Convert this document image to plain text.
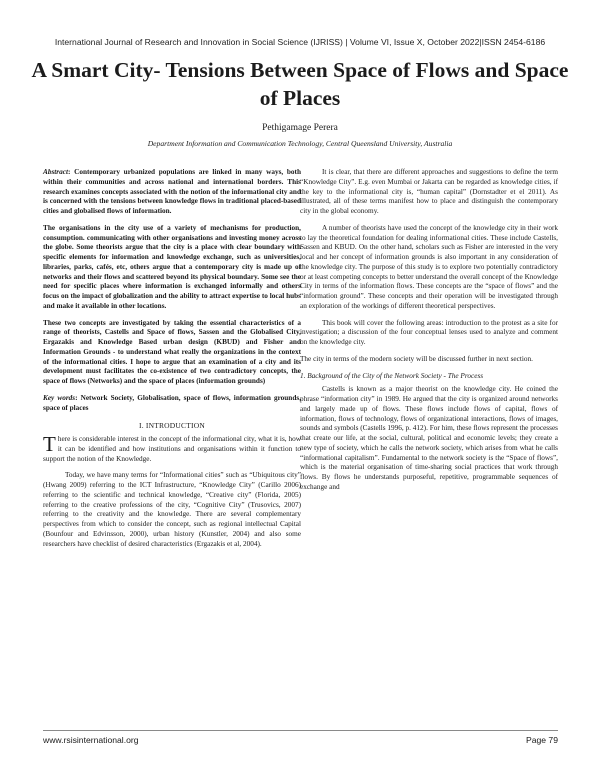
International Journal of Research and Innovation in Social Science (IJRISS) | Volume VI, Issue X, October 2022|ISSN 2454-6186
A Smart City- Tensions Between Space of Flows and Space of Places
Pethigamage Perera
Department Information and Communication Technology, Central Queensland University, Australia

Abstract: Contemporary urbanized populations are linked in many ways, both within their communities and across national and international borders. This research examines concepts associated with the notion of the informational city and is concerned with the tensions between knowledge flows in traditional placed-based cities and globalised flows of information.

The organisations in the city use of a variety of mechanisms for production, consumption. communicating with other organisations and investing money across the globe. Some theorists argue that the city is a place with clear boundary with specific elements for information and knowledge exchange, such as universities, libraries, parks, cafés, etc, others argue that a contemporary city is made up of networks and their flows and scattered beyond its physical boundary. Some see the need for specific places where information is exchanged informally and others focus on the impact of globalization and the ability to attract expertise to local hubs and make it available in other locations.

These two concepts are investigated by taking the essential characteristics of a range of theorists, Castells and Space of flows, Sassen and the Globalised City, Ergazakis and Knowledge Based urban design (KBUD) and Fisher and Information Grounds - to understand what really the organizations in the context of the informational cities. I hope to argue that an examination of a city and its development must facilitates the co-existence of two contradictory concepts, the space of flows (Networks) and the space of places (information grounds)

Key words: Network Society, Globalisation, space of flows, information grounds, space of places
I. INTRODUCTION

There is considerable interest in the concept of the informational city, what it is, how it can be identified and how institutions and organisations within it function to support the notion of the Knowledge.

Today, we have many terms for “Informational cities” such as “Ubiquitous city” (Hwang 2009) referring to the ICT Infrastructure, “Knowledge City” (Carillo 2006) referring to the scientific and technical knowledge, “Creative city” (Florida, 2005) referring to the creative professions of the city, “Cognitive City” (Trusovics, 2007) referring to the creativity and the knowledge. There are several complementary perspectives from which to consider the concept, such as regional intellectual Capital (Bounfour and Edvinsson, 2000), urban history (Kunstler, 2004) and also some researchers have checklist of desired characteristics (Ergazakis et al, 2004).

It is clear, that there are different approaches and suggestions to define the term “Knowledge City”. E.g. even Mumbai or Jakarta can be regarded as knowledge cities, if the key to the informational city is, “human capital” (Dornstadter et el 2011). As illustrated, all of these terms manifest how to place and distinguish the contemporary city in the global economy.

A number of theorists have used the concept of the knowledge city in their work to lay the theoretical foundation for dealing informational cities. These include Castells, Sassen and KBUD. On the other hand, scholars such as Fisher are interested in the very local and her concept of information grounds is also important in any consideration of the knowledge city. The purpose of this study is to explore two potentially contradictory or at least competing concepts to better understand the overall concept of the Knowledge City in terms of the information flows. These concepts are the “space of flows” and the “information ground”. These concepts and their operation will be investigated through an exploration of the workings of different theoretical perspectives.

This book will cover the following areas: introduction to the protest as a site for investigation; a discussion of the four conceptual lenses used to analyze and comment on the knowledge city.

The city in terms of the modern society will be discussed further in next section.

1. Background of the City of the Network Society - The Process

Castells is known as a major theorist on the knowledge city. He coined the phrase “information city” in 1989. He argued that the city is organized around networks and largely made up of flows. These flows include flows of capital, flows of information, flows of technology, flows of organizational interactions, flows of images, sounds and symbols (Castells 1996, p. 412). For him, these flows represent the processes that create our life, at the social, cultural, political and economic levels; they create a new type of society, which he calls the network society, which arises from what he calls “informational capitalism”. Fundamental to the network society is the “Space of flows”, which is the material organisation of time-sharing social practices that work through flows. By flows he understands purposeful, repetitive, programmable sequences of exchange and

www.rsisinternational.org	Page 79
